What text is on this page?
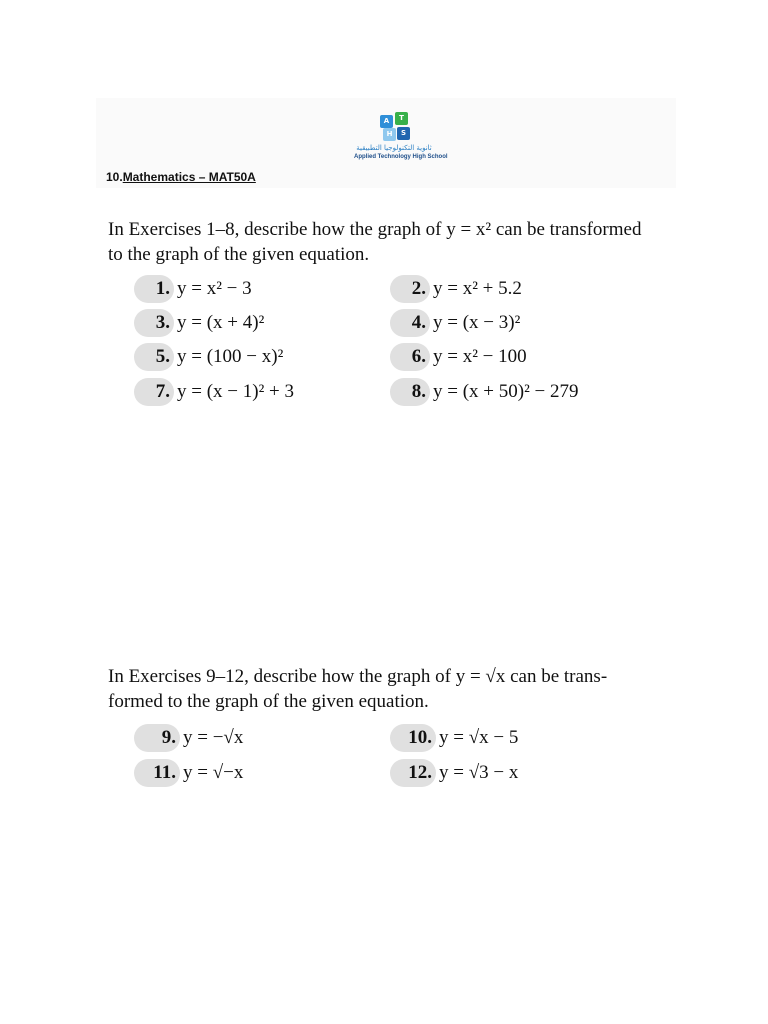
A	T
H	S
ثانوية التكنولوجيا التطبيقية
Applied Technology High School
10.Mathematics – MAT50A
In Exercises 1–8, describe how the graph of y = x² can be transformed
to the graph of the given equation.
1. y = x² − 3	2. y = x² + 5.2
3. y = (x + 4)²	4. y = (x − 3)²
5. y = (100 − x)²	6. y = x² − 100
7. y = (x − 1)² + 3	8. y = (x + 50)² − 279
In Exercises 9–12, describe how the graph of y = √x can be trans-
formed to the graph of the given equation.
9. y = −√x	10. y = √x − 5
11. y = √−x	12. y = √3 − x
